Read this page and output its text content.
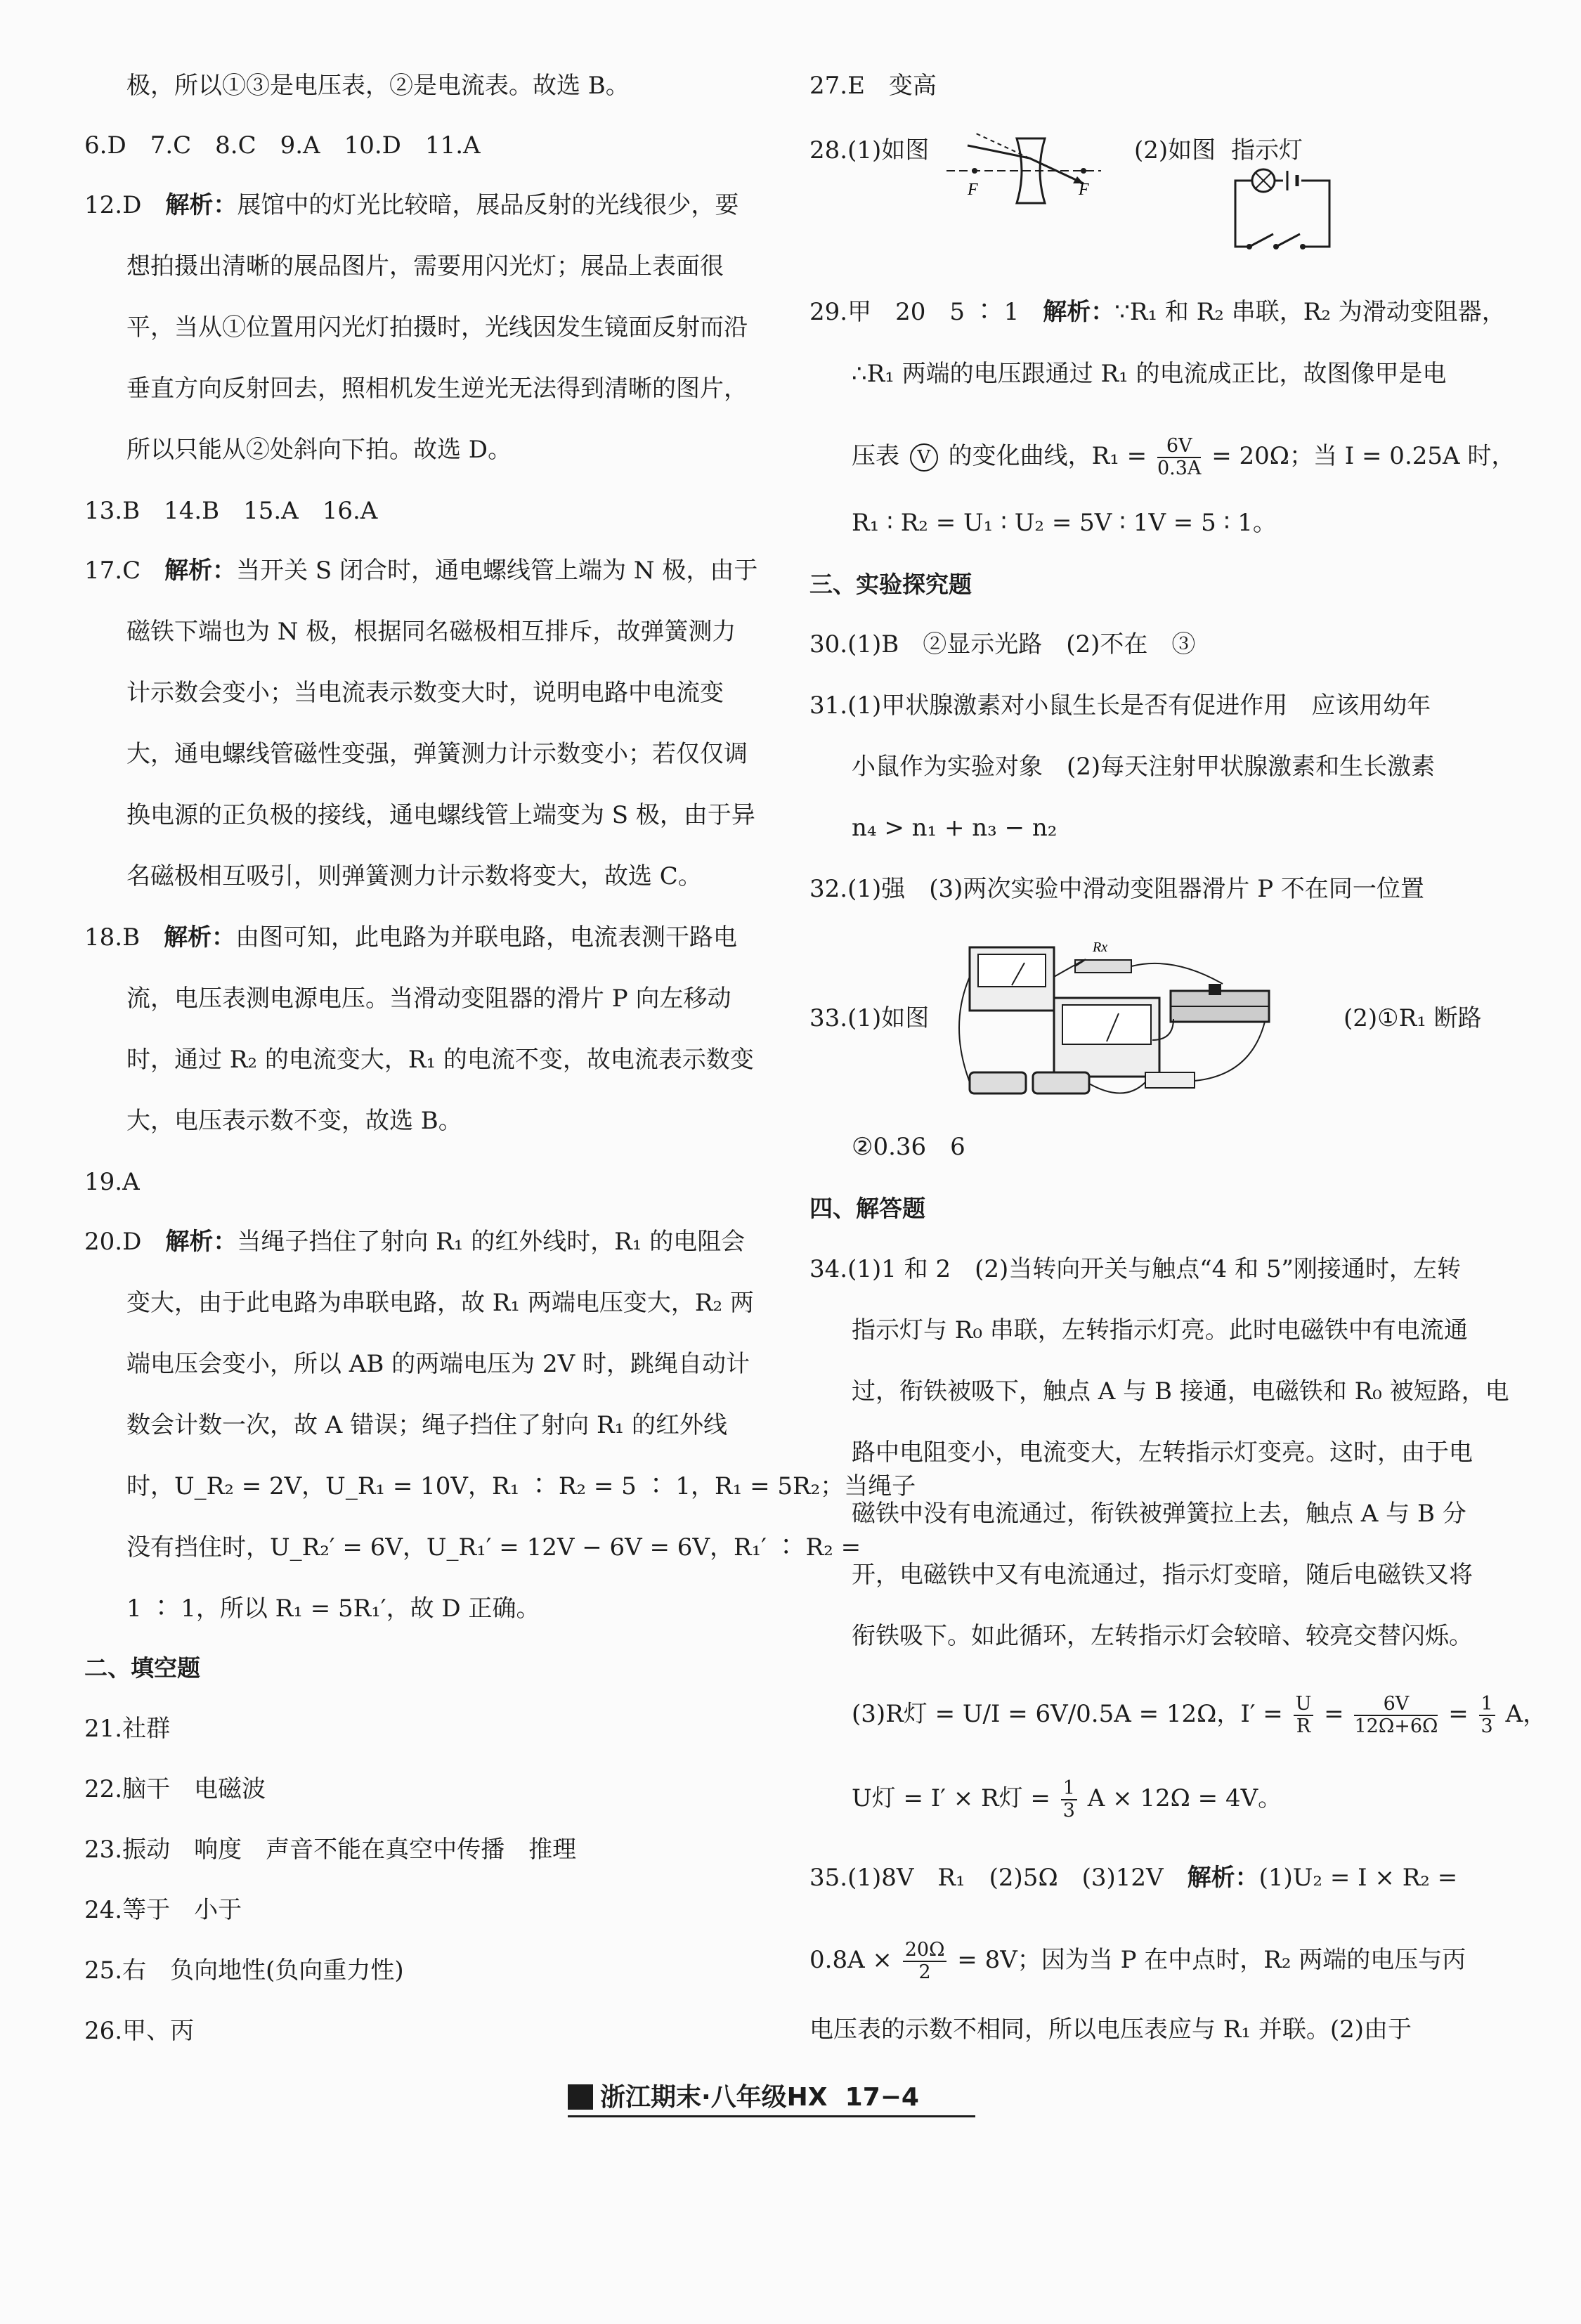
极，所以①③是电压表，②是电流表。故选 B。
6.D　7.C　8.C　9.A　10.D　11.A
12.D　解析：展馆中的灯光比较暗，展品反射的光线很少，要
想拍摄出清晰的展品图片，需要用闪光灯；展品上表面很
平，当从①位置用闪光灯拍摄时，光线因发生镜面反射而沿
垂直方向反射回去，照相机发生逆光无法得到清晰的图片，
所以只能从②处斜向下拍。故选 D。
13.B　14.B　15.A　16.A
17.C　解析：当开关 S 闭合时，通电螺线管上端为 N 极，由于
磁铁下端也为 N 极，根据同名磁极相互排斥，故弹簧测力
计示数会变小；当电流表示数变大时，说明电路中电流变
大，通电螺线管磁性变强，弹簧测力计示数变小；若仅仅调
换电源的正负极的接线，通电螺线管上端变为 S 极，由于异
名磁极相互吸引，则弹簧测力计示数将变大，故选 C。
18.B　解析：由图可知，此电路为并联电路，电流表测干路电
流，电压表测电源电压。当滑动变阻器的滑片 P 向左移动
时，通过 R₂ 的电流变大，R₁ 的电流不变，故电流表示数变
大，电压表示数不变，故选 B。
19.A
20.D　解析：当绳子挡住了射向 R₁ 的红外线时，R₁ 的电阻会
变大，由于此电路为串联电路，故 R₁ 两端电压变大，R₂ 两
端电压会变小，所以 AB 的两端电压为 2V 时，跳绳自动计
数会计数一次，故 A 错误；绳子挡住了射向 R₁ 的红外线
时，U_R₂ = 2V，U_R₁ = 10V，R₁ ∶ R₂ = 5 ∶ 1，R₁ = 5R₂；当绳子
没有挡住时，U_R₂′ = 6V，U_R₁′ = 12V − 6V = 6V，R₁′ ∶ R₂ =
1 ∶ 1，所以 R₁ = 5R₁′，故 D 正确。
二、填空题
21.社群
22.脑干　电磁波
23.振动　响度　声音不能在真空中传播　推理
24.等于　小于
25.右　负向地性(负向重力性)
26.甲、丙
27.E　变高
28.(1)如图
F	F
(2)如图 指示灯
29.甲　20　5 ∶ 1　解析：∵R₁ 和 R₂ 串联，R₂ 为滑动变阻器，
∴R₁ 两端的电压跟通过 R₁ 的电流成正比，故图像甲是电
压表 V 的变化曲线，$R_1 = \frac{6V}{0.3A} = 20\Omega$；当 I = 0.25A 时，
R₁ ∶ R₂ = U₁ ∶ U₂ = 5V ∶ 1V = 5 ∶ 1。
三、实验探究题
30.(1)B　②显示光路　(2)不在　③
31.(1)甲状腺激素对小鼠生长是否有促进作用　应该用幼年
小鼠作为实验对象　(2)每天注射甲状腺激素和生长激素
n₄ > n₁ + n₃ − n₂
32.(1)强　(3)两次实验中滑动变阻器滑片 P 不在同一位置
33.(1)如图
Rx
(2)①R₁ 断路
②0.36　6
四、解答题
34.(1)1 和 2　(2)当转向开关与触点“4 和 5”刚接通时，左转
指示灯与 R₀ 串联，左转指示灯亮。此时电磁铁中有电流通
过，衔铁被吸下，触点 A 与 B 接通，电磁铁和 R₀ 被短路，电
路中电阻变小，电流变大，左转指示灯变亮。这时，由于电
磁铁中没有电流通过，衔铁被弹簧拉上去，触点 A 与 B 分
开，电磁铁中又有电流通过，指示灯变暗，随后电磁铁又将
衔铁吸下。如此循环，左转指示灯会较暗、较亮交替闪烁。
(3)R灯 = U/I = 6V/0.5A = 12Ω，$I' = \frac{U}{R} = \frac{6V}{12\Omega+6\Omega} = \frac{1}{3}$ A，
U灯 = I′ × R灯 = $\frac{1}{3}$ A × 12Ω = 4V。
35.(1)8V　R₁　(2)5Ω　(3)12V　解析：(1)U₂ = I × R₂ =
$0.8A \times \frac{20\Omega}{2} = 8V$；因为当 P 在中点时，R₂ 两端的电压与丙
电压表的示数不相同，所以电压表应与 R₁ 并联。(2)由于
浙江期末·八年级HX 17−4
